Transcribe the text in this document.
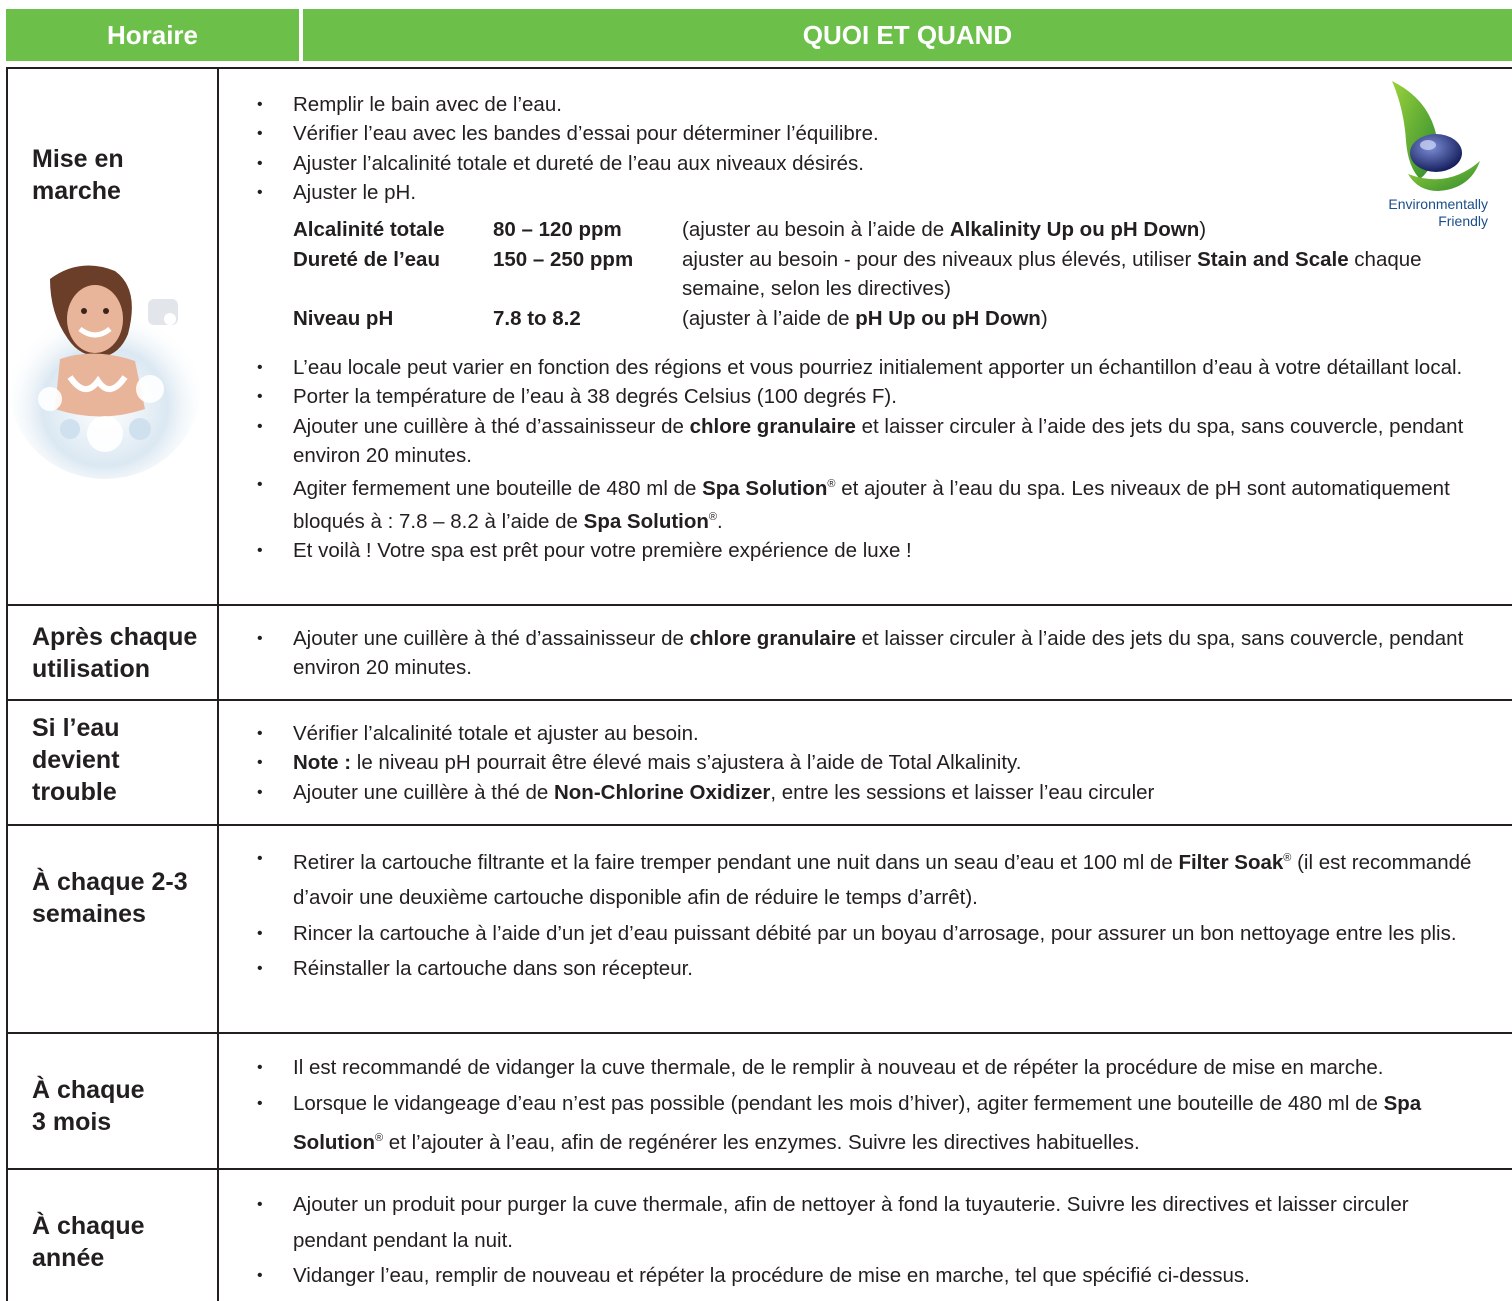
Horaire	QUOI ET QUAND
Mise en
marche
• Remplir le bain avec de l’eau.
• Vérifier l’eau avec les bandes d’essai pour déterminer l’équilibre.
• Ajuster l’alcalinité totale et dureté de l’eau aux niveaux désirés.
• Ajuster le pH.
Alcalinité totale	80 – 120 ppm	(ajuster au besoin à l’aide de Alkalinity Up ou pH Down)
Dureté de l’eau	150 – 250 ppm	ajuster au besoin - pour des niveaux plus élevés, utiliser Stain and Scale chaque
semaine, selon les directives)
Niveau pH	7.8 to 8.2	(ajuster à l’aide de pH Up ou pH Down)
• L’eau locale peut varier en fonction des régions et vous pourriez initialement apporter un échantillon d’eau à votre détaillant local.
• Porter la température de l’eau à 38 degrés Celsius (100 degrés F).
• Ajouter une cuillère à thé d’assainisseur de chlore granulaire et laisser circuler à l’aide des jets du spa, sans couvercle, pendant environ 20 minutes.
• Agiter fermement une bouteille de 480 ml de Spa Solution® et ajouter à l’eau du spa. Les niveaux de pH sont automatiquement bloqués à : 7.8 – 8.2 à l’aide de Spa Solution®.
• Et voilà ! Votre spa est prêt pour votre première expérience de luxe !
Environmentally
Friendly
Après chaque
utilisation
• Ajouter une cuillère à thé d’assainisseur de chlore granulaire et laisser circuler à l’aide des jets du spa, sans couvercle, pendant environ 20 minutes.
Si l’eau
devient
trouble
• Vérifier l’alcalinité totale et ajuster au besoin.
• Note : le niveau pH pourrait être élevé mais s’ajustera à l’aide de Total Alkalinity.
• Ajouter une cuillère à thé de Non-Chlorine Oxidizer, entre les sessions et laisser l’eau circuler
À chaque 2-3
semaines
• Retirer la cartouche filtrante et la faire tremper pendant une nuit dans un seau d’eau et 100 ml de Filter Soak® (il est recommandé d’avoir une deuxième cartouche disponible afin de réduire le temps d’arrêt).
• Rincer la cartouche à l’aide d’un jet d’eau puissant débité par un boyau d’arrosage, pour assurer un bon nettoyage entre les plis.
• Réinstaller la cartouche dans son récepteur.
À chaque
3 mois
• Il est recommandé de vidanger la cuve thermale, de le remplir à nouveau et de répéter la procédure de mise en marche.
• Lorsque le vidangeage d’eau n’est pas possible (pendant les mois d’hiver), agiter fermement une bouteille de 480 ml de Spa Solution® et l’ajouter à l’eau, afin de regénérer les enzymes. Suivre les directives habituelles.
À chaque
année
• Ajouter un produit pour purger la cuve thermale, afin de nettoyer à fond la tuyauterie. Suivre les directives et laisser circuler pendant pendant la nuit.
• Vidanger l’eau, remplir de nouveau et répéter la procédure de mise en marche, tel que spécifié ci-dessus.
